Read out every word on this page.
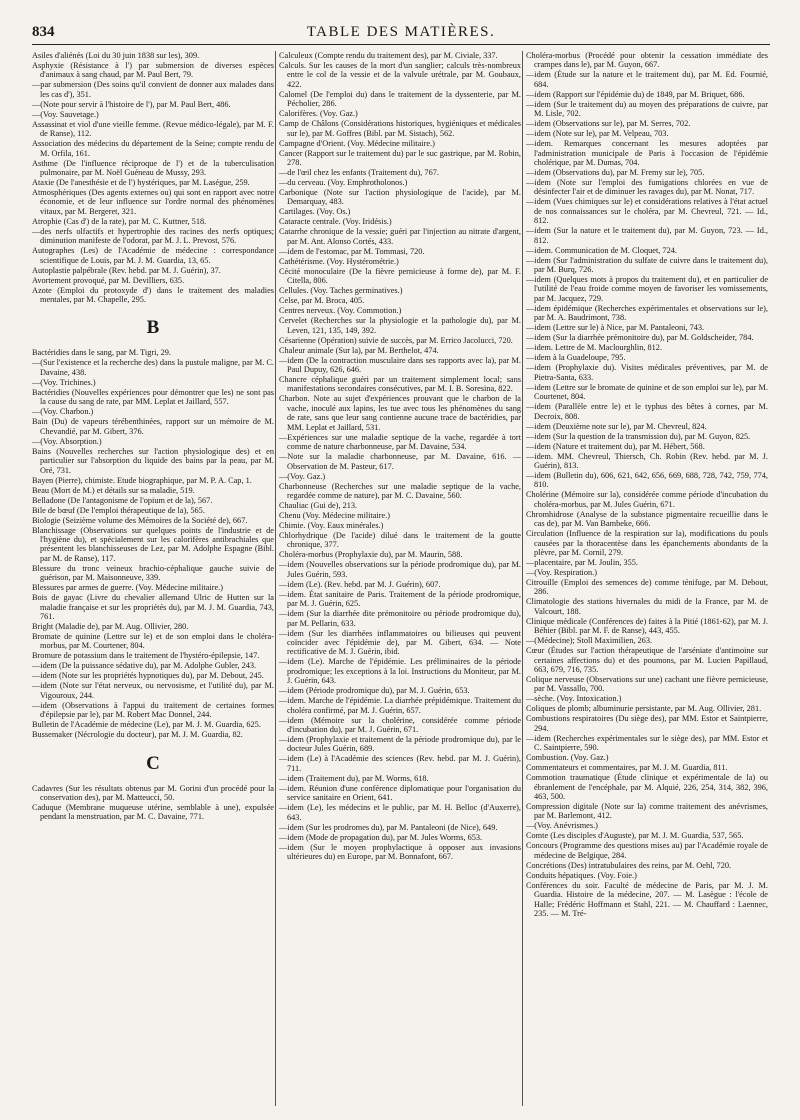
834	TABLE DES MATIÈRES.
Asiles d'aliénés (Loi du 30 juin 1838 sur les), 309.
Asphyxie (Résistance à l') par submersion de diverses espèces d'animaux à sang chaud, par M. Paul Bert, 79.
—par submersion (Des soins qu'il convient de donner aux malades dans les cas d'), 351.
—(Note pour servir à l'histoire de l'), par M. Paul Bert, 486.
—(Voy. Sauvetage.)
Assassinat et viol d'une vieille femme. (Revue médico-légale), par M. F. de Ranse), 112.
Association des médecins du département de la Seine; compte rendu de M. Orfila, 161.
Asthme (De l'influence réciproque de l') et de la tuberculisation pulmonaire, par M. Noël Guéneau de Mussy, 293.
Ataxie (De l'anesthésie et de l') hystériques, par M. Laségue, 259.
Atmosphériques (Des agents externes ou) qui sont en rapport avec notre économie, et de leur influence sur l'ordre normal des phénomènes vitaux, par M. Bergeret, 321.
Atrophie (Cas d') de la rate), par M. C. Kuttner, 518.
—des nerfs olfactifs et hypertrophie des racines des nerfs optiques; diminution manifeste de l'odorat, par M. J. L. Prevost, 576.
Autographes (Les) de l'Académie de médecine : correspondance scientifique de Louis, par M. J. M. Guardia, 13, 65.
Autoplastie palpébrale (Rev. hebd. par M. J. Guérin), 37.
Avortement provoqué, par M. Devilliers, 635.
Azote (Emploi du protoxyde d') dans le traitement des maladies mentales, par M. Chapelle, 295.
B
Bactéridies dans le sang, par M. Tigri, 29.
—(Sur l'existence et la recherche des) dans la pustule maligne, par M. C. Davaine, 438.
—(Voy. Trichines.)
Bactéridies (Nouvelles expériences pour démontrer que les) ne sont pas la cause du sang de rate, par MM. Leplat et Jaillard, 557.
—(Voy. Charbon.)
Bain (Du) de vapeurs térébenthinées, rapport sur un mémoire de M. Chevandié, par M. Gibert, 376.
—(Voy. Absorption.)
Bains (Nouvelles recherches sur l'action physiologique des) et en particulier sur l'absorption du liquide des bains par la peau, par M. Oré, 731.
Bayen (Pierre), chimiste. Etude biographique, par M. P. A. Cap, 1.
Beau (Mort de M.) et détails sur sa maladie, 519.
Belladone (De l'antagonisme de l'opium et de la), 567.
Bile de bœuf (De l'emploi thérapeutique de la), 565.
Biologie (Seizième volume des Mémoires de la Société de), 667.
Blanchissage (Observations sur quelques points de l'industrie et de l'hygiène du), et spécialement sur les calorifères antibrachiales que présentent les blanchisseuses de Lez, par M. Adolphe Espagne (Bibl. par M. de Ranse), 117.
Blessure du tronc veineux brachio-céphalique gauche suivie de guérison, par M. Maisonneuve, 339.
Blessures par armes de guerre. (Voy. Médecine militaire.)
Bois de gayac (Livre du chevalier allemand Ulric de Hutten sur la maladie française et sur les propriétés du), par M. J. M. Guardia, 743, 761.
Bright (Maladie de), par M. Aug. Ollivier, 280.
Bromate de quinine (Lettre sur le) et de son emploi dans le choléra-morbus, par M. Courtener, 804.
Bromure de potassium dans le traitement de l'hystéro-épilepsie, 147.
—idem (De la puissance sédative du), par M. Adolphe Gubler, 243.
—idem (Note sur les propriétés hypnotiques du), par M. Debout, 245.
—idem (Note sur l'état nerveux, ou nervosisme, et l'utilité du), par M. Vigouroux, 244.
—idem (Observations à l'appui du traitement de certaines formes d'épilepsie par le), par M. Robert Mac Donnel, 244.
Bulletin de l'Académie de médecine (Le), par M. J. M. Guardia, 625.
Bussemaker (Nécrologie du docteur), par M. J. M. Guardia, 82.
C
Cadavres (Sur les résultats obtenus par M. Gorini d'un procédé pour la conservation des), par M. Matteucci, 50.
Caduque (Membrane muqueuse utérine, semblable à une), expulsée pendant la menstruation, par M. C. Davaine, 771.
Calculeux (Compte rendu du traitement des), par M. Civiale, 337.
Calculs. Sur les causes de la mort d'un sanglier; calculs très-nombreux entre le col de la vessie et de la valvule urétrale, par M. Goubaux, 422.
Calomel (De l'emploi du) dans le traitement de la dyssenterie, par M. Pécholier, 286.
Calorifères. (Voy. Gaz.)
Camp de Châlons (Considérations historiques, hygiéniques et médicales sur le), par M. Goffres (Bibl. par M. Sistach), 562.
Campagne d'Orient. (Voy. Médecine militaire.)
Cancer (Rapport sur le traitement du) par le suc gastrique, par M. Robin, 278.
—de l'œil chez les enfants (Traitement du), 767.
—du cerveau. (Voy. Emphrotholonos.)
Carbonique (Note sur l'action physiologique de l'acide), par M. Demarquay, 483.
Cartilages. (Voy. Os.)
Cataracte centrale. (Voy. Iridésis.)
Catarrhe chronique de la vessie; guéri par l'injection au nitrate d'argent, par M. Ant. Alonso Cortés, 433.
—idem de l'estomac, par M. Tommasi, 720.
Cathétérisme. (Voy. Hystérométrie.)
Cécité monoculaire (De la fièvre pernicieuse à forme de), par M. F. Citella, 806.
Cellules. (Voy. Taches germinatives.)
Celse, par M. Broca, 405.
Centres nerveux. (Voy. Commotion.)
Cervelet (Recherches sur la physiologie et la pathologie du), par M. Leven, 121, 135, 149, 392.
Césarienne (Opération) suivie de succès, par M. Errico Jacolucci, 720.
Chaleur animale (Sur la), par M. Berthelot, 474.
—idem (De la contraction musculaire dans ses rapports avec la), par M. Paul Dupuy, 626, 646.
Chancre céphalique guéri par un traitement simplement local; sans manifestations secondaires consécutives, par M. I. B. Soresina, 822.
Charbon. Note au sujet d'expériences prouvant que le charbon de la vache, inoculé aux lapins, les tue avec tous les phénomènes du sang de rate, sans que leur sang contienne aucune trace de bactéridies, par MM. Leplat et Jaillard, 531.
—Expériences sur une maladie septique de la vache, regardée à tort comme de nature charbonneuse, par M. Davaine, 534.
—Note sur la maladie charbonneuse, par M. Davaine, 616. — Observation de M. Pasteur, 617.
—(Voy. Gaz.)
Charbonneuse (Recherches sur une maladie septique de la vache, regardée comme de nature), par M. C. Davaine, 560.
Chauliac (Gui de), 213.
Chenu (Voy. Médecine militaire.)
Chimie. (Voy. Eaux minérales.)
Chlorhydrique (De l'acide) dilué dans le traitement de la goutte chronique, 377.
Choléra-morbus (Prophylaxie du), par M. Maurin, 588.
—idem (Nouvelles observations sur la période prodromique du), par M. Jules Guérin, 593.
—idem (Le). (Rev. hebd. par M. J. Guérin), 607.
—idem. État sanitaire de Paris. Traitement de la période prodromique, par M. J. Guérin, 625.
—idem (Sur la diarrhée dite prémonitoire ou période prodromique du), par M. Pellarin, 633.
—idem (Sur les diarrhées inflammatoires ou bilieuses qui peuvent coïncider avec l'épidémie de), par M. Gibert, 634. — Note rectificative de M. J. Guérin, ibid.
—idem (Le). Marche de l'épidémie. Les préliminaires de la période prodromique; les exceptions à la loi. Instructions du Moniteur, par M. J. Guérin, 643.
—idem (Période prodromique du), par M. J. Guérin, 653.
—idem. Marche de l'épidémie. La diarrhée prépidémique. Traitement du choléra confirmé, par M. J. Guérin, 657.
—idem (Mémoire sur la cholérine, considérée comme période d'incubation du), par M. J. Guérin, 671.
—idem (Prophylaxie et traitement de la période prodromique du), par le docteur Jules Guérin, 689.
—idem (Le) à l'Académie des sciences (Rev. hebd. par M. J. Guérin), 711.
—idem (Traitement du), par M. Worms, 618.
—idem. Réunion d'une conférence diplomatique pour l'organisation du service sanitaire en Orient, 641.
—idem (Le), les médecins et le public, par M. H. Belloc (d'Auxerre), 643.
—idem (Sur les prodromes du), par M. Pantaleoni (de Nice), 649.
—idem (Mode de propagation du), par M. Jules Worms, 653.
—idem (Sur le moyen prophylactique à opposer aux invasions ultérieures du) en Europe, par M. Bonnafont, 667.
Choléra-morbus (Procédé pour obtenir la cessation immédiate des crampes dans le), par M. Guyon, 667.
—idem (Étude sur la nature et le traitement du), par M. Ed. Fournié, 684.
—idem (Rapport sur l'épidémie du) de 1849, par M. Briquet, 686.
—idem (Sur le traitement du) au moyen des préparations de cuivre, par M. Lisle, 702.
—idem (Observations sur le), par M. Serres, 702.
—idem (Note sur le), par M. Velpeau, 703.
—idem. Remarques concernant les mesures adoptées par l'administration municipale de Paris à l'occasion de l'épidémie cholérique, par M. Dumas, 704.
—idem (Observations du), par M. Fremy sur le), 705.
—idem (Note sur l'emploi des fumigations chlorées en vue de désinfecter l'air et de diminuer les ravages du), par M. Nonat, 717.
—idem (Vues chimiques sur le) et considérations relatives à l'état actuel de nos connaissances sur le choléra, par M. Chevreul, 721. — Id., 812.
—idem (Sur la nature et le traitement du), par M. Guyon, 723. — Id., 812.
—idem. Communication de M. Cloquet, 724.
—idem (Sur l'administration du sulfate de cuivre dans le traitement du), par M. Burq, 726.
—idem (Quelques mots à propos du traitement du), et en particulier de l'utilité de l'eau froide comme moyen de favoriser les vomissements, par M. Jacquez, 729.
—idem épidémique (Recherches expérimentales et observations sur le), par M. A. Baudrimont, 738.
—idem (Lettre sur le) à Nice, par M. Pantaleoni, 743.
—idem (Sur la diarrhée prémonitoire du), par M. Goldscheider, 784.
—idem. Lettre de M. Maclourghlin, 812.
—idem à la Guadeloupe, 795.
—idem (Prophylaxie du). Visites médicales préventives, par M. de Pietra-Santa, 633.
—idem (Lettre sur le bromate de quinine et de son emploi sur le), par M. Courtenet, 804.
—idem (Parallèle entre le) et le typhus des bêtes à cornes, par M. Decroix, 808.
—idem (Deuxième note sur le), par M. Chevreul, 824.
—idem (Sur la question de la transmission du), par M. Guyon, 825.
—idem (Nature et traitement du), par M. Hébert, 568.
—idem. MM. Chevreul, Thiersch, Ch. Robin (Rev. hebd. par M. J. Guérin), 813.
—idem (Bulletin du), 606, 621, 642, 656, 669, 688, 728, 742, 759, 774, 810.
Cholérine (Mémoire sur la), considérée comme période d'incubation du choléra-morbus, par M. Jules Guérin, 671.
Chromhidrose (Analyse de la substance pigmentaire recueillie dans le cas de), par M. Van Bambeke, 666.
Circulation (Influence de la respiration sur la), modifications du pouls causées par la thoracentèse dans les épanchements abondants de la plèvre, par M. Cornil, 279.
—placentaire, par M. Joulin, 355.
—(Voy. Respiration.)
Citrouille (Emploi des semences de) comme ténifuge, par M. Debout, 286.
Climatologie des stations hivernales du midi de la France, par M. de Valcourt, 188.
Clinique médicale (Conférences de) faites à la Pitié (1861-62), par M. J. Béhier (Bibl. par M. F. de Ranse), 443, 455.
—(Médecine); Stoll Maximilien, 263.
Cœur (Études sur l'action thérapeutique de l'arséniate d'antimoine sur certaines affections du) et des poumons, par M. Lucien Papillaud, 663, 679, 716, 735.
Colique nerveuse (Observations sur une) cachant une fièvre pernicieuse, par M. Vassallo, 700.
—sèche. (Voy. Intoxication.)
Coliques de plomb; albuminurie persistante, par M. Aug. Ollivier, 281.
Combustions respiratoires (Du siège des), par MM. Estor et Saintpierre, 294.
—idem (Recherches expérimentales sur le siège des), par MM. Estor et C. Saintpierre, 590.
Combustion. (Voy. Gaz.)
Commentateurs et commentaires, par M. J. M. Guardia, 811.
Commotion traumatique (Étude clinique et expérimentale de la) ou ébranlement de l'encéphale, par M. Alquié, 226, 254, 314, 382, 396, 463, 500.
Compression digitale (Note sur la) comme traitement des anévrismes, par M. Barlemont, 412.
—(Voy. Anévrismes.)
Comte (Les disciples d'Auguste), par M. J. M. Guardia, 537, 565.
Concours (Programme des questions mises au) par l'Académie royale de médecine de Belgique, 284.
Concrétions (Des) intratubulaires des reins, par M. Oehl, 720.
Conduits hépatiques. (Voy. Foie.)
Conférences du soir. Faculté de médecine de Paris, par M. J. M. Guardia. Histoire de la médecine, 207. — M. Lasègue : l'école de Halle; Frédéric Hoffmann et Stahl, 221. — M. Chauffard : Laennec, 235. — M. Tré-
